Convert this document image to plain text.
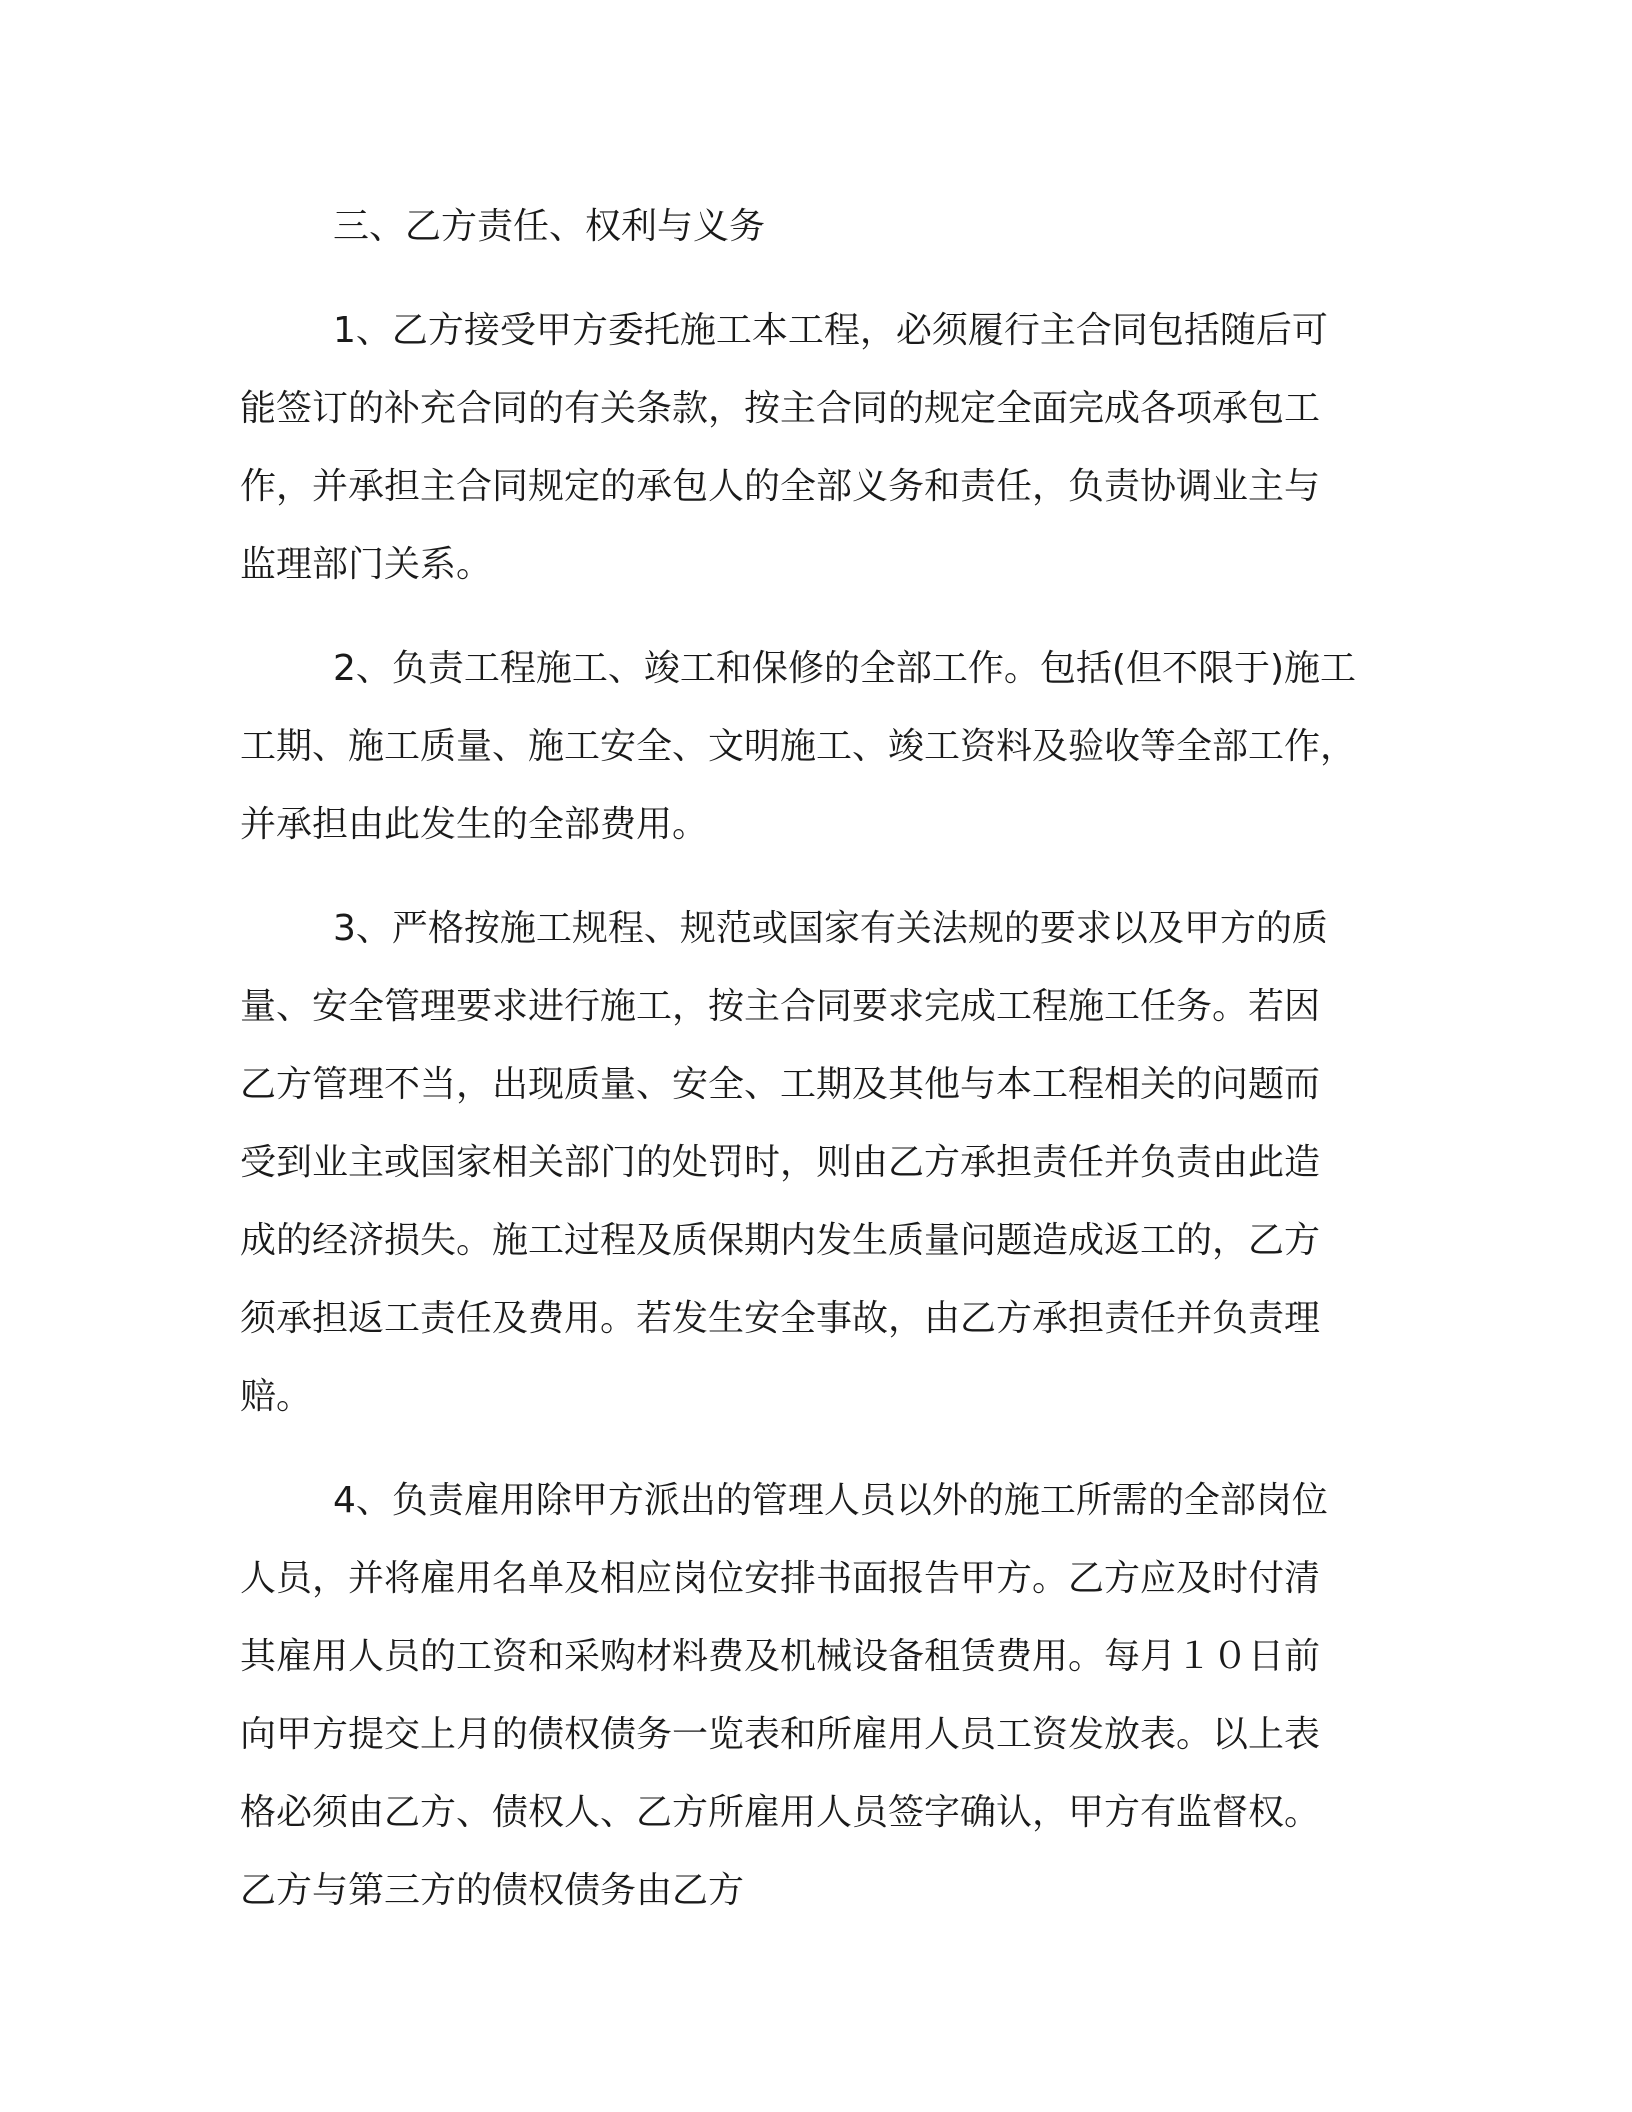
三、乙方责任、权利与义务
1、乙方接受甲方委托施工本工程，必须履行主合同包括随后可
能签订的补充合同的有关条款，按主合同的规定全面完成各项承包工
作，并承担主合同规定的承包人的全部义务和责任，负责协调业主与
监理部门关系。
2、负责工程施工、竣工和保修的全部工作。包括(但不限于)施工
工期、施工质量、施工安全、文明施工、竣工资料及验收等全部工作，
并承担由此发生的全部费用。
3、严格按施工规程、规范或国家有关法规的要求以及甲方的质
量、安全管理要求进行施工，按主合同要求完成工程施工任务。若因
乙方管理不当，出现质量、安全、工期及其他与本工程相关的问题而
受到业主或国家相关部门的处罚时，则由乙方承担责任并负责由此造
成的经济损失。施工过程及质保期内发生质量问题造成返工的，乙方
须承担返工责任及费用。若发生安全事故，由乙方承担责任并负责理
赔。
4、负责雇用除甲方派出的管理人员以外的施工所需的全部岗位
人员，并将雇用名单及相应岗位安排书面报告甲方。乙方应及时付清
其雇用人员的工资和采购材料费及机械设备租赁费用。每月１０日前
向甲方提交上月的债权债务一览表和所雇用人员工资发放表。以上表
格必须由乙方、债权人、乙方所雇用人员签字确认，甲方有监督权。
乙方与第三方的债权债务由乙方
